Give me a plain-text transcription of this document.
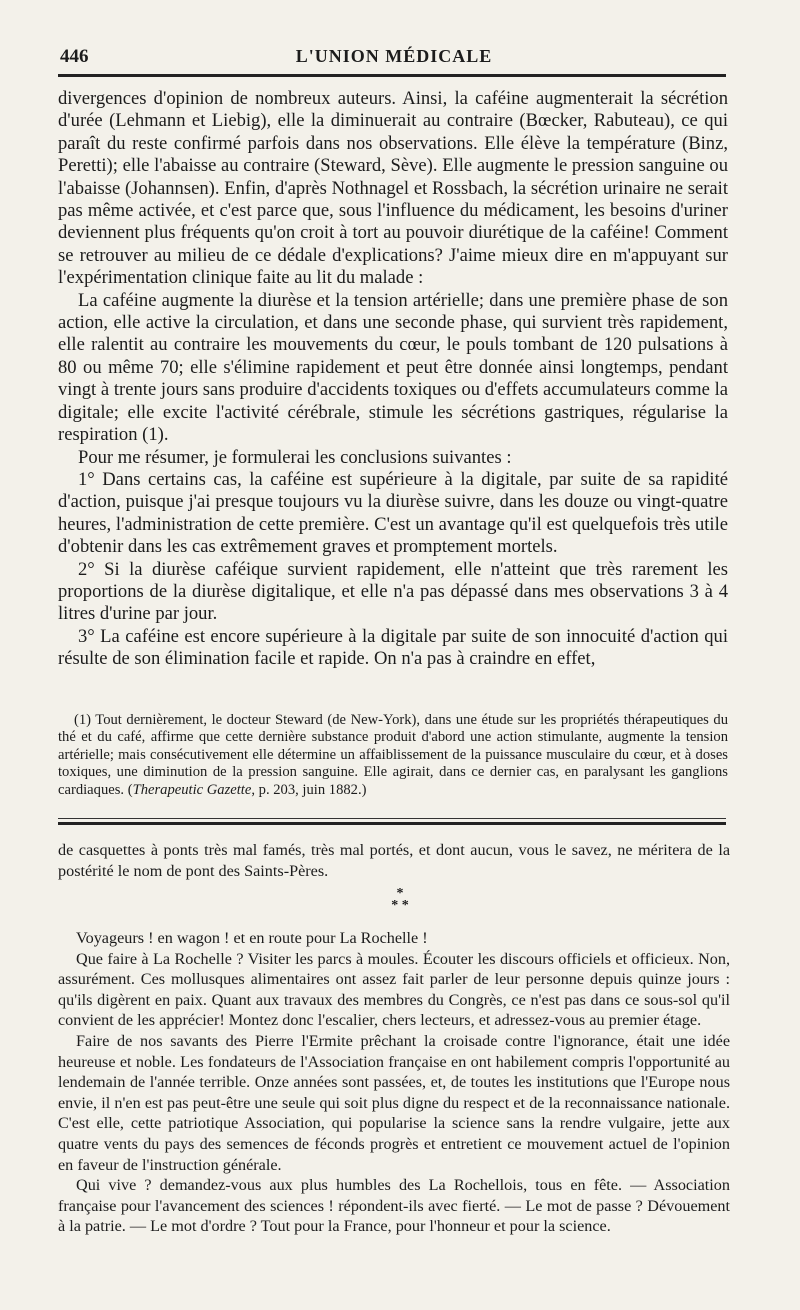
446	L'UNION MÉDICALE

divergences d'opinion de nombreux auteurs. Ainsi, la caféine augmenterait la sécrétion d'urée (Lehmann et Liebig), elle la diminuerait au contraire (Bœcker, Rabuteau), ce qui paraît du reste confirmé parfois dans nos observations. Elle élève la température (Binz, Peretti); elle l'abaisse au contraire (Steward, Sève). Elle augmente le pression sanguine ou l'abaisse (Johannsen). Enfin, d'après Nothnagel et Rossbach, la sécrétion urinaire ne serait pas même activée, et c'est parce que, sous l'influence du médicament, les besoins d'uriner deviennent plus fréquents qu'on croit à tort au pouvoir diurétique de la caféine! Comment se retrouver au milieu de ce dédale d'explications? J'aime mieux dire en m'appuyant sur l'expérimentation clinique faite au lit du malade :

La caféine augmente la diurèse et la tension artérielle; dans une première phase de son action, elle active la circulation, et dans une seconde phase, qui survient très rapidement, elle ralentit au contraire les mouvements du cœur, le pouls tombant de 120 pulsations à 80 ou même 70; elle s'élimine rapidement et peut être donnée ainsi longtemps, pendant vingt à trente jours sans produire d'accidents toxiques ou d'effets accumulateurs comme la digitale; elle excite l'activité cérébrale, stimule les sécrétions gastriques, régularise la respiration (1).

Pour me résumer, je formulerai les conclusions suivantes :

1° Dans certains cas, la caféine est supérieure à la digitale, par suite de sa rapidité d'action, puisque j'ai presque toujours vu la diurèse suivre, dans les douze ou vingt-quatre heures, l'administration de cette première. C'est un avantage qu'il est quelquefois très utile d'obtenir dans les cas extrêmement graves et promptement mortels.

2° Si la diurèse caféique survient rapidement, elle n'atteint que très rarement les proportions de la diurèse digitalique, et elle n'a pas dépassé dans mes observations 3 à 4 litres d'urine par jour.

3° La caféine est encore supérieure à la digitale par suite de son innocuité d'action qui résulte de son élimination facile et rapide. On n'a pas à craindre en effet,

(1) Tout dernièrement, le docteur Steward (de New-York), dans une étude sur les propriétés thérapeutiques du thé et du café, affirme que cette dernière substance produit d'abord une action stimulante, augmente la tension artérielle; mais consécutivement elle détermine un affaiblissement de la puissance musculaire du cœur, et à doses toxiques, une diminution de la pression sanguine. Elle agirait, dans ce dernier cas, en paralysant les ganglions cardiaques. (Therapeutic Gazette, p. 203, juin 1882.)

de casquettes à ponts très mal famés, très mal portés, et dont aucun, vous le savez, ne méritera de la postérité le nom de pont des Saints-Pères.

*
* *

Voyageurs ! en wagon ! et en route pour La Rochelle !

Que faire à La Rochelle ? Visiter les parcs à moules. Écouter les discours officiels et officieux. Non, assurément. Ces mollusques alimentaires ont assez fait parler de leur personne depuis quinze jours : qu'ils digèrent en paix. Quant aux travaux des membres du Congrès, ce n'est pas dans ce sous-sol qu'il convient de les apprécier! Montez donc l'escalier, chers lecteurs, et adressez-vous au premier étage.

Faire de nos savants des Pierre l'Ermite prêchant la croisade contre l'ignorance, était une idée heureuse et noble. Les fondateurs de l'Association française en ont habilement compris l'opportunité au lendemain de l'année terrible. Onze années sont passées, et, de toutes les institutions que l'Europe nous envie, il n'en est pas peut-être une seule qui soit plus digne du respect et de la reconnaissance nationale. C'est elle, cette patriotique Association, qui popularise la science sans la rendre vulgaire, jette aux quatre vents du pays des semences de féconds progrès et entretient ce mouvement actuel de l'opinion en faveur de l'instruction générale.

Qui vive ? demandez-vous aux plus humbles des La Rochellois, tous en fête. — Association française pour l'avancement des sciences ! répondent-ils avec fierté. — Le mot de passe ? Dévouement à la patrie. — Le mot d'ordre ? Tout pour la France, pour l'honneur et pour la science.
